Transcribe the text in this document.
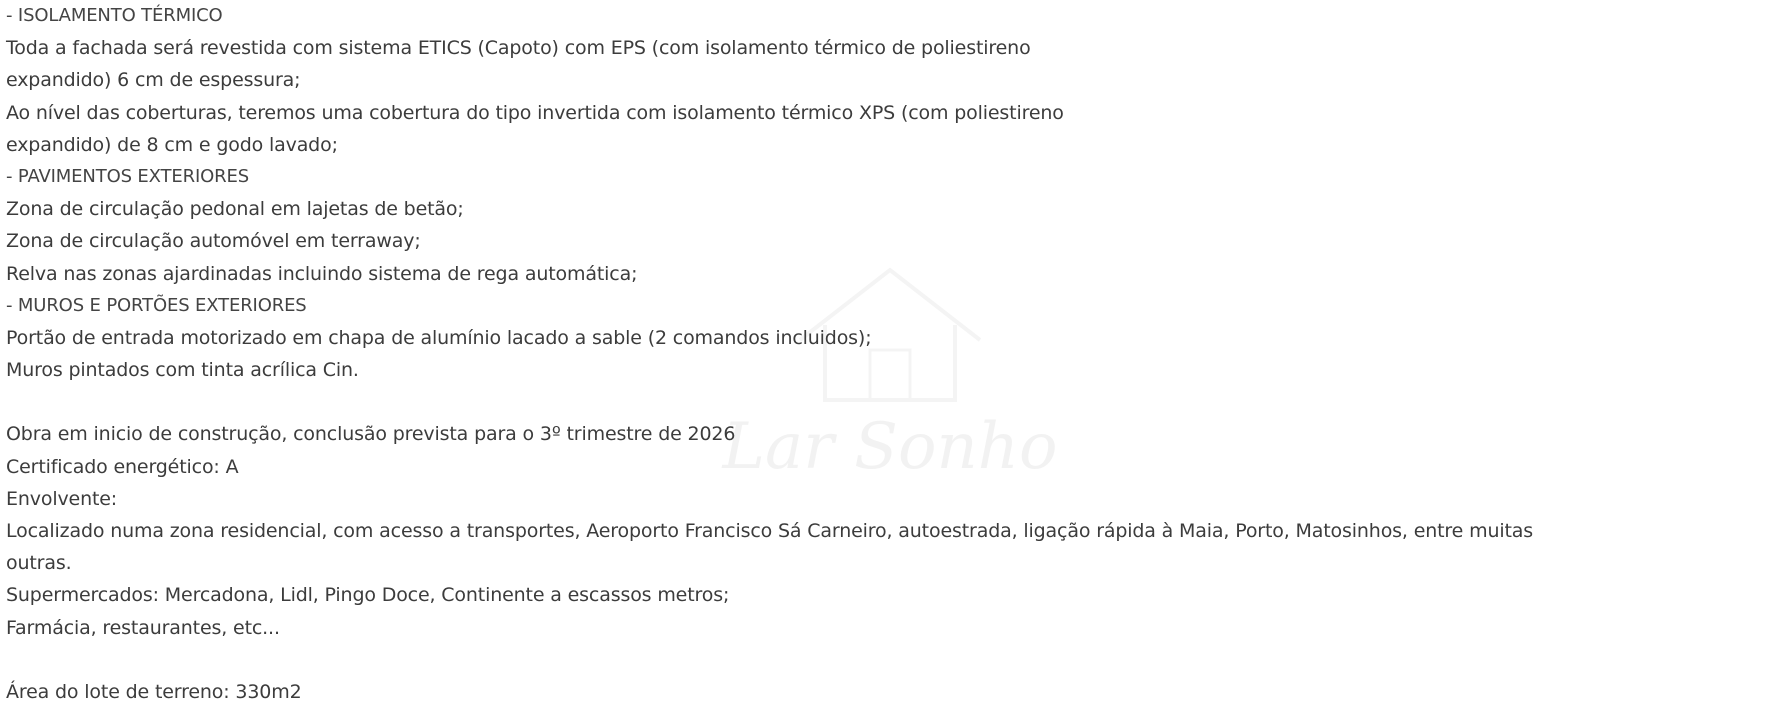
Lar Sonho
- ISOLAMENTO TÉRMICO
Toda a fachada será revestida com sistema ETICS (Capoto) com EPS (com isolamento térmico de poliestireno
expandido) 6 cm de espessura;
Ao nível das coberturas, teremos uma cobertura do tipo invertida com isolamento térmico XPS (com poliestireno
expandido) de 8 cm e godo lavado;
- PAVIMENTOS EXTERIORES
Zona de circulação pedonal em lajetas de betão;
Zona de circulação automóvel em terraway;
Relva nas zonas ajardinadas incluindo sistema de rega automática;
- MUROS E PORTÕES EXTERIORES
Portão de entrada motorizado em chapa de alumínio lacado a sable (2 comandos incluidos);
Muros pintados com tinta acrílica Cin.
Obra em inicio de construção, conclusão prevista para o 3º trimestre de 2026
Certificado energético: A
Envolvente:
Localizado numa zona residencial, com acesso a transportes, Aeroporto Francisco Sá Carneiro, autoestrada, ligação rápida à Maia, Porto, Matosinhos, entre muitas
outras.
Supermercados: Mercadona, Lidl, Pingo Doce, Continente a escassos metros;
Farmácia, restaurantes, etc...
Área do lote de terreno: 330m2
